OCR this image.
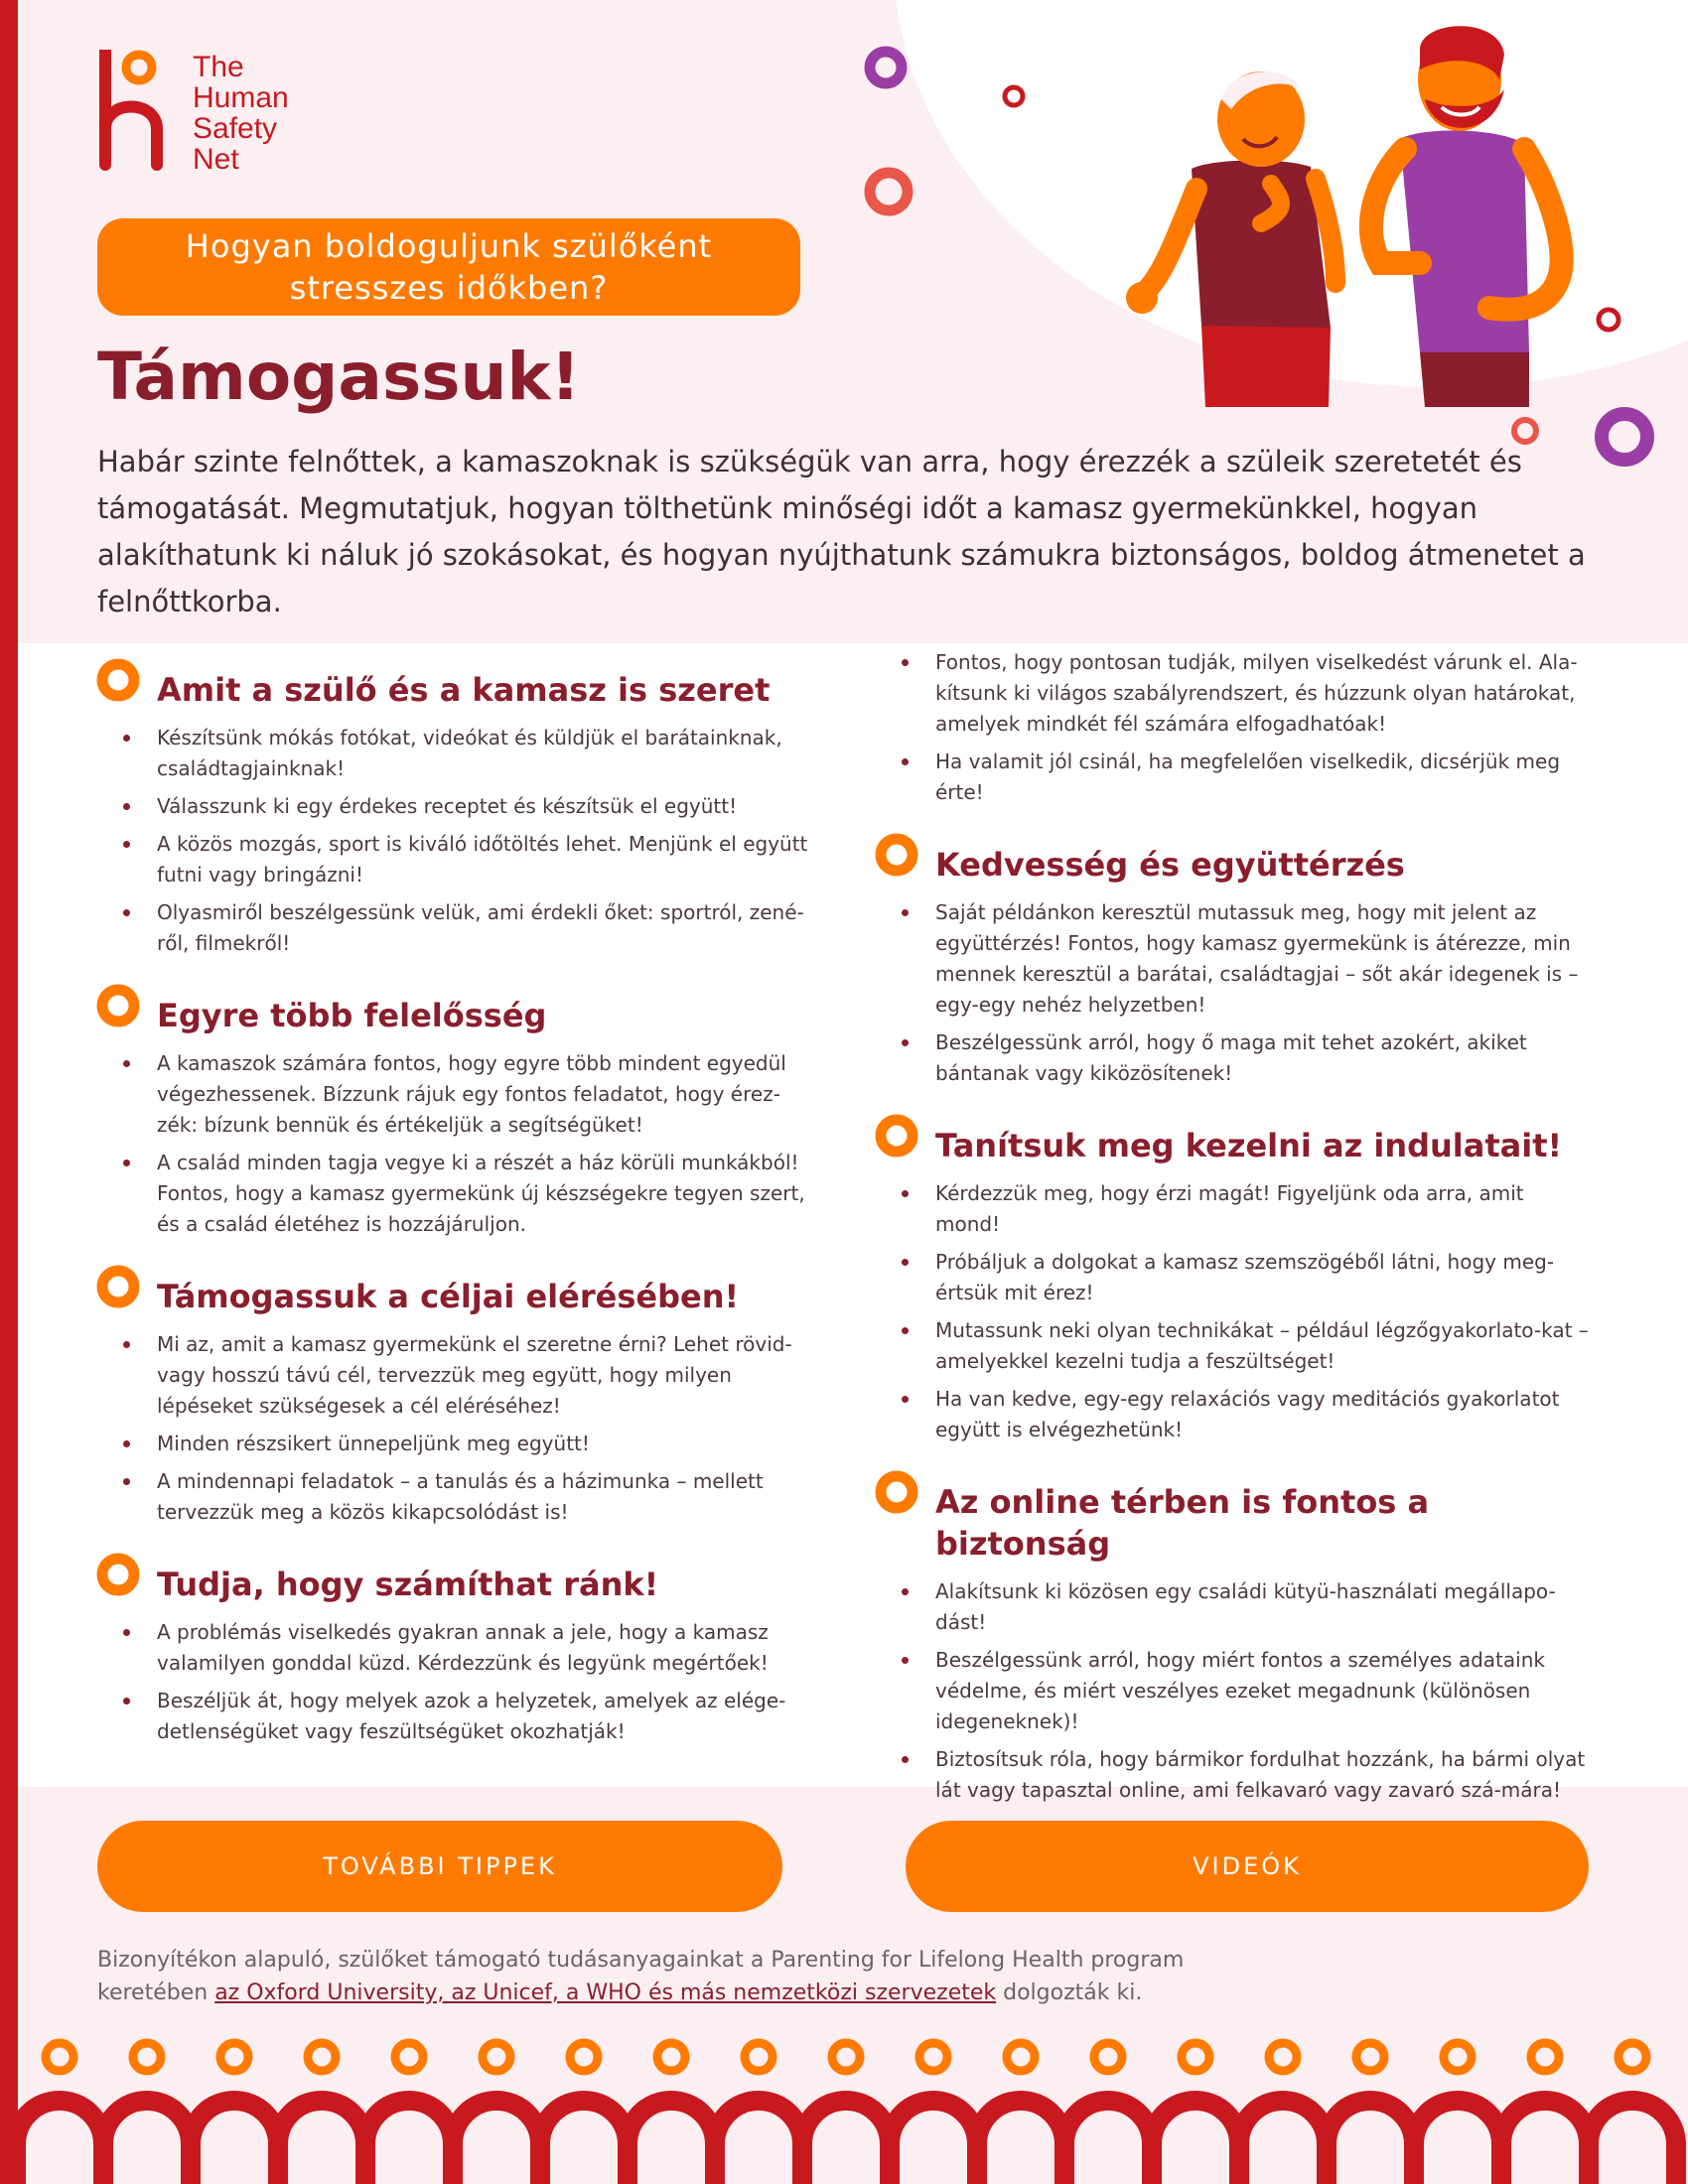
The
Human
Safety
Net
Hogyan boldoguljunk szülőként stresszes időkben?
Támogassuk!

Habár szinte felnőttek, a kamaszoknak is szükségük van arra, hogy érezzék a szüleik szeretetét és támogatását. Megmutatjuk, hogyan tölthetünk minőségi időt a kamasz gyermekünkkel, hogyan alakíthatunk ki náluk jó szokásokat, és hogyan nyújthatunk számukra biztonságos, boldog átmenetet a felnőttkorba.

Amit a szülő és a kamasz is szeret
Készítsünk mókás fotókat, videókat és küldjük el barátainknak, családtagjainknak!
Válasszunk ki egy érdekes receptet és készítsük el együtt!
A közös mozgás, sport is kiváló időtöltés lehet. Menjünk el együtt futni vagy bringázni!
Olyasmiről beszélgessünk velük, ami érdekli őket: sportról, zené-ről, filmekről!
Egyre több felelősség
A kamaszok számára fontos, hogy egyre több mindent egyedül végezhessenek. Bízzunk rájuk egy fontos feladatot, hogy érez-zék: bízunk bennük és értékeljük a segítségüket!
A család minden tagja vegye ki a részét a ház körüli munkákból! Fontos, hogy a kamasz gyermekünk új készségekre tegyen szert, és a család életéhez is hozzájáruljon.
Támogassuk a céljai elérésében!
Mi az, amit a kamasz gyermekünk el szeretne érni? Lehet rövid- vagy hosszú távú cél, tervezzük meg együtt, hogy milyen lépéseket szükségesek a cél eléréséhez!
Minden részsikert ünnepeljünk meg együtt!
A mindennapi feladatok – a tanulás és a házimunka – mellett tervezzük meg a közös kikapcsolódást is!
Tudja, hogy számíthat ránk!
A problémás viselkedés gyakran annak a jele, hogy a kamasz valamilyen gonddal küzd. Kérdezzünk és legyünk megértőek!
Beszéljük át, hogy melyek azok a helyzetek, amelyek az elége-detlenségüket vagy feszültségüket okozhatják!
Fontos, hogy pontosan tudják, milyen viselkedést várunk el. Ala-kítsunk ki világos szabályrendszert, és húzzunk olyan határokat, amelyek mindkét fél számára elfogadhatóak!
Ha valamit jól csinál, ha megfelelően viselkedik, dicsérjük meg érte!
Kedvesség és együttérzés
Saját példánkon keresztül mutassuk meg, hogy mit jelent az együttérzés! Fontos, hogy kamasz gyermekünk is átérezze, min mennek keresztül a barátai, családtagjai – sőt akár idegenek is – egy-egy nehéz helyzetben!
Beszélgessünk arról, hogy ő maga mit tehet azokért, akiket bántanak vagy kiközösítenek!
Tanítsuk meg kezelni az indulatait!
Kérdezzük meg, hogy érzi magát! Figyeljünk oda arra, amit mond!
Próbáljuk a dolgokat a kamasz szemszögéből látni, hogy meg-értsük mit érez!
Mutassunk neki olyan technikákat – például légzőgyakorlato-kat – amelyekkel kezelni tudja a feszültséget!
Ha van kedve, egy-egy relaxációs vagy meditációs gyakorlatot együtt is elvégezhetünk!
Az online térben is fontos a biztonság
Alakítsunk ki közösen egy családi kütyü-használati megállapo-dást!
Beszélgessünk arról, hogy miért fontos a személyes adataink védelme, és miért veszélyes ezeket megadnunk (különösen idegeneknek)!
Biztosítsuk róla, hogy bármikor fordulhat hozzánk, ha bármi olyat lát vagy tapasztal online, ami felkavaró vagy zavaró szá-mára!
TOVÁBBI TIPPEK	VIDEÓK
Bizonyítékon alapuló, szülőket támogató tudásanyagainkat a Parenting for Lifelong Health program
keretében az Oxford University, az Unicef, a WHO és más nemzetközi szervezetek dolgozták ki.
